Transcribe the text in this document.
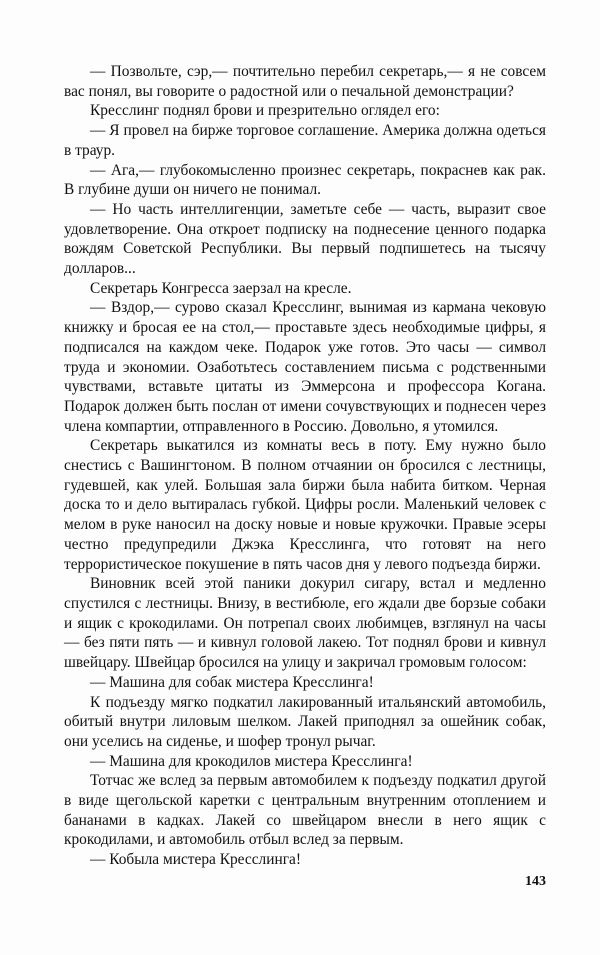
— Позвольте, сэр,— почтительно перебил секретарь,— я не совсем вас понял, вы говорите о радостной или о печальной демонстрации?

Кресслинг поднял брови и презрительно оглядел его:

— Я провел на бирже торговое соглашение. Америка должна одеться в траур.

— Ага,— глубокомысленно произнес секретарь, покраснев как рак. В глубине души он ничего не понимал.

— Но часть интеллигенции, заметьте себе — часть, выразит свое удовлетворение. Она откроет подписку на поднесение ценного подарка вождям Советской Республики. Вы первый подпишетесь на тысячу долларов...

Секретарь Конгресса заерзал на кресле.

— Вздор,— сурово сказал Кресслинг, вынимая из кармана чековую книжку и бросая ее на стол,— проставьте здесь необходимые цифры, я подписался на каждом чеке. Подарок уже готов. Это часы — символ труда и экономии. Озаботьтесь составлением письма с родственными чувствами, вставьте цитаты из Эммерсона и профессора Когана. Подарок должен быть послан от имени сочувствующих и поднесен через члена компартии, отправленного в Россию. Довольно, я утомился.

Секретарь выкатился из комнаты весь в поту. Ему нужно было снестись с Вашингтоном. В полном отчаянии он бросился с лестницы, гудевшей, как улей. Большая зала биржи была набита битком. Черная доска то и дело вытиралась губкой. Цифры росли. Маленький человек с мелом в руке наносил на доску новые и новые кружочки. Правые эсеры честно предупредили Джэка Кресслинга, что готовят на него террористическое покушение в пять часов дня у левого подъезда биржи.

Виновник всей этой паники докурил сигару, встал и медленно спустился с лестницы. Внизу, в вестибюле, его ждали две борзые собаки и ящик с крокодилами. Он потрепал своих любимцев, взглянул на часы — без пяти пять — и кивнул головой лакею. Тот поднял брови и кивнул швейцару. Швейцар бросился на улицу и закричал громовым голосом:

— Машина для собак мистера Кресслинга!

К подъезду мягко подкатил лакированный итальянский автомобиль, обитый внутри лиловым шелком. Лакей приподнял за ошейник собак, они уселись на сиденье, и шофер тронул рычаг.

— Машина для крокодилов мистера Кресслинга!

Тотчас же вслед за первым автомобилем к подъезду подкатил другой в виде щегольской каретки с центральным внутренним отоплением и бананами в кадках. Лакей со швейцаром внесли в него ящик с крокодилами, и автомобиль отбыл вслед за первым.

— Кобыла мистера Кресслинга!

143
